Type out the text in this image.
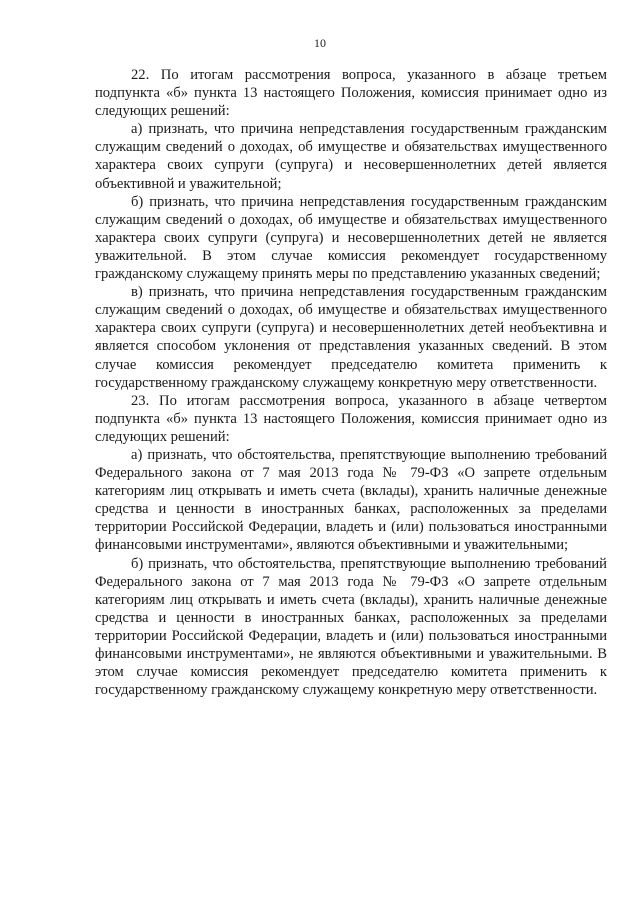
10

22. По итогам рассмотрения вопроса, указанного в абзаце третьем подпункта «б» пункта 13 настоящего Положения, комиссия принимает одно из следующих решений:

а) признать, что причина непредставления государственным гражданским служащим сведений о доходах, об имуществе и обязательствах имущественного характера своих супруги (супруга) и несовершеннолетних детей является объективной и уважительной;

б) признать, что причина непредставления государственным гражданским служащим сведений о доходах, об имуществе и обязательствах имущественного характера своих супруги (супруга) и несовершеннолетних детей не является уважительной. В этом случае комиссия рекомендует государственному гражданскому служащему принять меры по представлению указанных сведений;

в) признать, что причина непредставления государственным гражданским служащим сведений о доходах, об имуществе и обязательствах имущественного характера своих супруги (супруга) и несовершеннолетних детей необъективна и является способом уклонения от представления указанных сведений. В этом случае комиссия рекомендует председателю комитета применить к государственному гражданскому служащему конкретную меру ответственности.

23. По итогам рассмотрения вопроса, указанного в абзаце четвертом подпункта «б» пункта 13 настоящего Положения, комиссия принимает одно из следующих решений:

а) признать, что обстоятельства, препятствующие выполнению требований Федерального закона от 7 мая 2013 года № 79-ФЗ «О запрете отдельным категориям лиц открывать и иметь счета (вклады), хранить наличные денежные средства и ценности в иностранных банках, расположенных за пределами территории Российской Федерации, владеть и (или) пользоваться иностранными финансовыми инструментами», являются объективными и уважительными;

б) признать, что обстоятельства, препятствующие выполнению требований Федерального закона от 7 мая 2013 года № 79-ФЗ «О запрете отдельным категориям лиц открывать и иметь счета (вклады), хранить наличные денежные средства и ценности в иностранных банках, расположенных за пределами территории Российской Федерации, владеть и (или) пользоваться иностранными финансовыми инструментами», не являются объективными и уважительными. В этом случае комиссия рекомендует председателю комитета применить к государственному гражданскому служащему конкретную меру ответственности.
